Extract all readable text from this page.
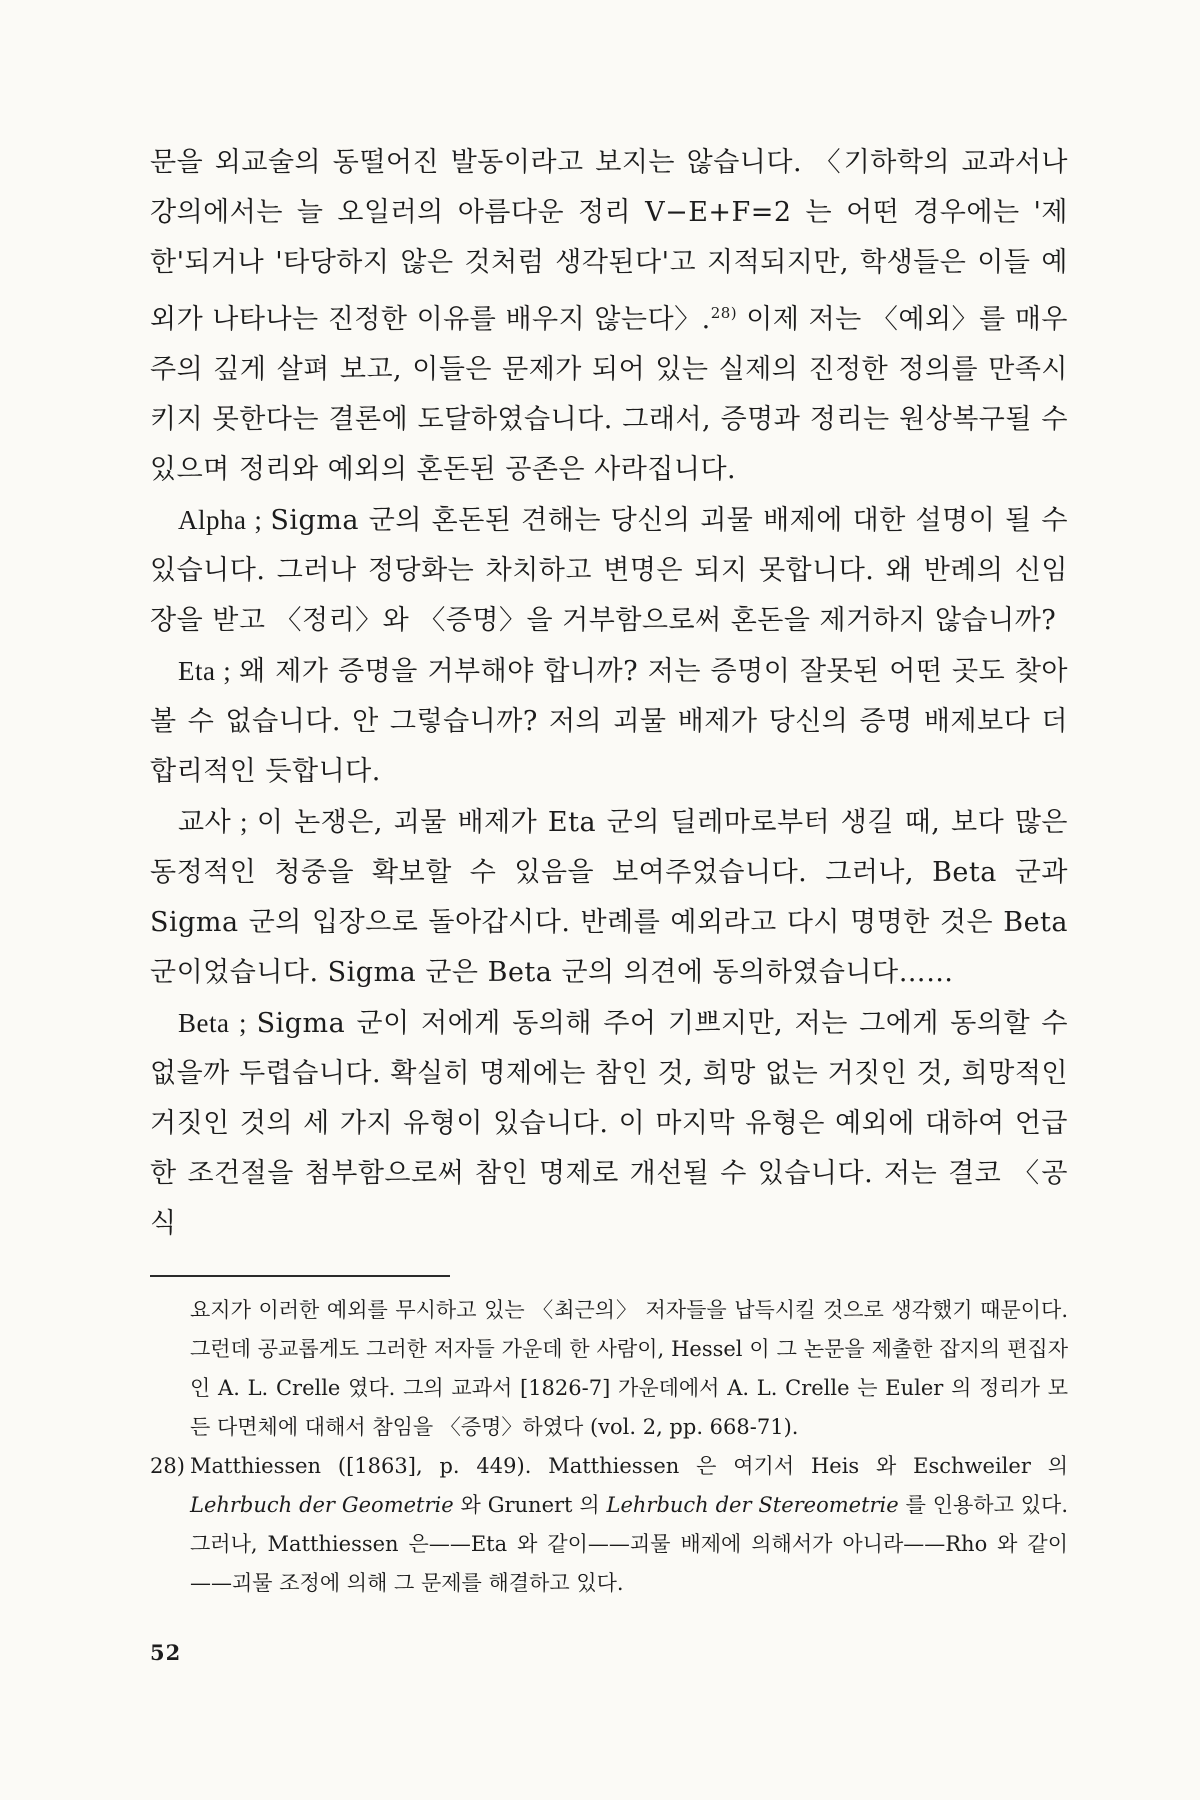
문을 외교술의 동떨어진 발동이라고 보지는 않습니다. 〈기하학의 교과서나 강의에서는 늘 오일러의 아름다운 정리 V−E+F=2 는 어떤 경우에는 '제한'되거나 '타당하지 않은 것처럼 생각된다'고 지적되지만, 학생들은 이들 예외가 나타나는 진정한 이유를 배우지 않는다〉.$^{28)}$ 이제 저는 〈예외〉를 매우 주의 깊게 살펴 보고, 이들은 문제가 되어 있는 실제의 진정한 정의를 만족시키지 못한다는 결론에 도달하였습니다. 그래서, 증명과 정리는 원상복구될 수 있으며 정리와 예외의 혼돈된 공존은 사라집니다.

Alpha ; Sigma 군의 혼돈된 견해는 당신의 괴물 배제에 대한 설명이 될 수 있습니다. 그러나 정당화는 차치하고 변명은 되지 못합니다. 왜 반례의 신임장을 받고 〈정리〉와 〈증명〉을 거부함으로써 혼돈을 제거하지 않습니까?

Eta ; 왜 제가 증명을 거부해야 합니까? 저는 증명이 잘못된 어떤 곳도 찾아 볼 수 없습니다. 안 그렇습니까? 저의 괴물 배제가 당신의 증명 배제보다 더 합리적인 듯합니다.

교사 ; 이 논쟁은, 괴물 배제가 Eta 군의 딜레마로부터 생길 때, 보다 많은 동정적인 청중을 확보할 수 있음을 보여주었습니다. 그러나, Beta 군과 Sigma 군의 입장으로 돌아갑시다. 반례를 예외라고 다시 명명한 것은 Beta 군이었습니다. Sigma 군은 Beta 군의 의견에 동의하였습니다……

Beta ; Sigma 군이 저에게 동의해 주어 기쁘지만, 저는 그에게 동의할 수 없을까 두렵습니다. 확실히 명제에는 참인 것, 희망 없는 거짓인 것, 희망적인 거짓인 것의 세 가지 유형이 있습니다. 이 마지막 유형은 예외에 대하여 언급한 조건절을 첨부함으로써 참인 명제로 개선될 수 있습니다. 저는 결코 〈공식

요지가 이러한 예외를 무시하고 있는 〈최근의〉 저자들을 납득시킬 것으로 생각했기 때문이다. 그런데 공교롭게도 그러한 저자들 가운데 한 사람이, Hessel 이 그 논문을 제출한 잡지의 편집자인 A. L. Crelle 였다. 그의 교과서 [1826-7] 가운데에서 A. L. Crelle 는 Euler 의 정리가 모든 다면체에 대해서 참임을 〈증명〉하였다 (vol. 2, pp. 668-71).

28) Matthiessen ([1863], p. 449). Matthiessen 은 여기서 Heis 와 Eschweiler 의 Lehrbuch der Geometrie 와 Grunert 의 Lehrbuch der Stereometrie 를 인용하고 있다. 그러나, Matthiessen 은——Eta 와 같이——괴물 배제에 의해서가 아니라——Rho 와 같이——괴물 조정에 의해 그 문제를 해결하고 있다.

52
